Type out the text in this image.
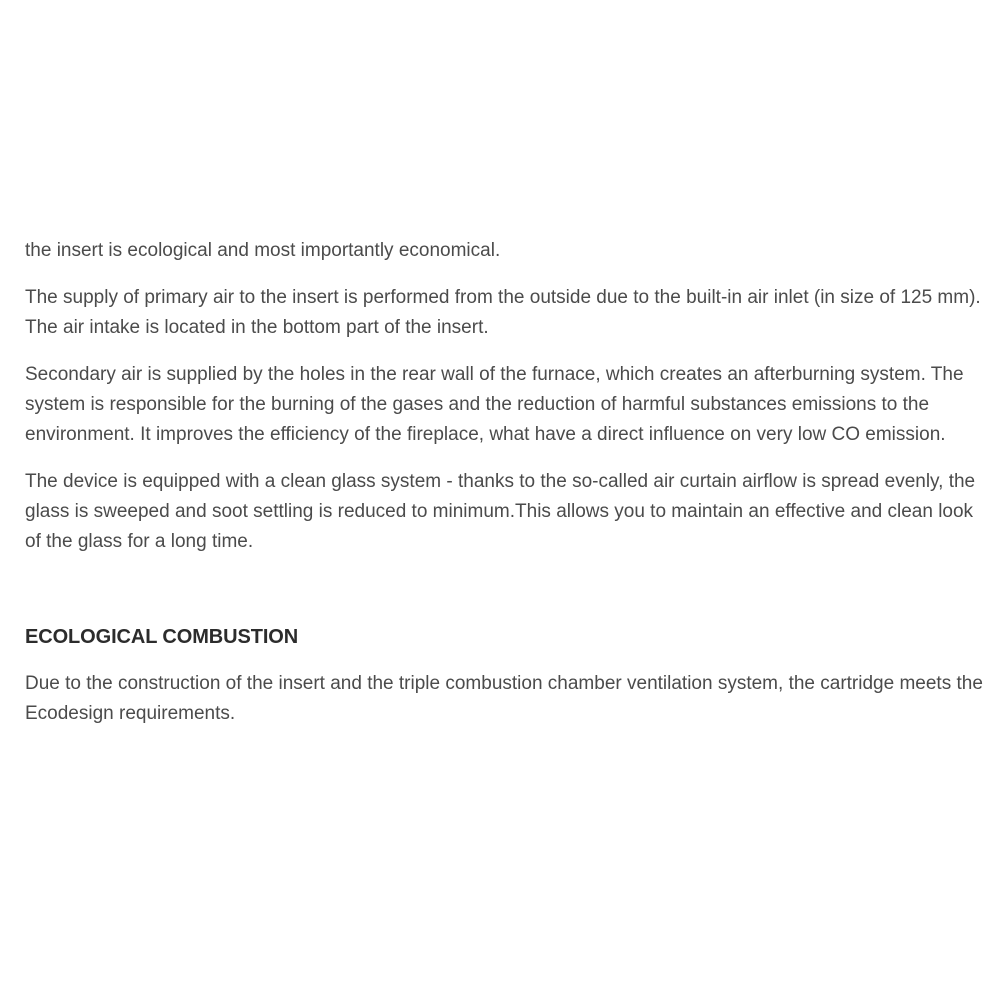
the insert is ecological and most importantly economical.

The supply of primary air to the insert is performed from the outside due to the built-in air inlet (in size of 125 mm). The air intake is located in the bottom part of the insert.

Secondary air is supplied by the holes in the rear wall of the furnace, which creates an afterburning system. The system is responsible for the burning of the gases and the reduction of harmful substances emissions to the environment. It improves the efficiency of the fireplace, what have a direct influence on very low CO emission.

The device is equipped with a clean glass system - thanks to the so-called air curtain airflow is spread evenly, the glass is sweeped and soot settling is reduced to minimum.This allows you to maintain an effective and clean look of the glass for a long time.

ECOLOGICAL COMBUSTION

Due to the construction of the insert and the triple combustion chamber ventilation system, the cartridge meets the Ecodesign requirements.
